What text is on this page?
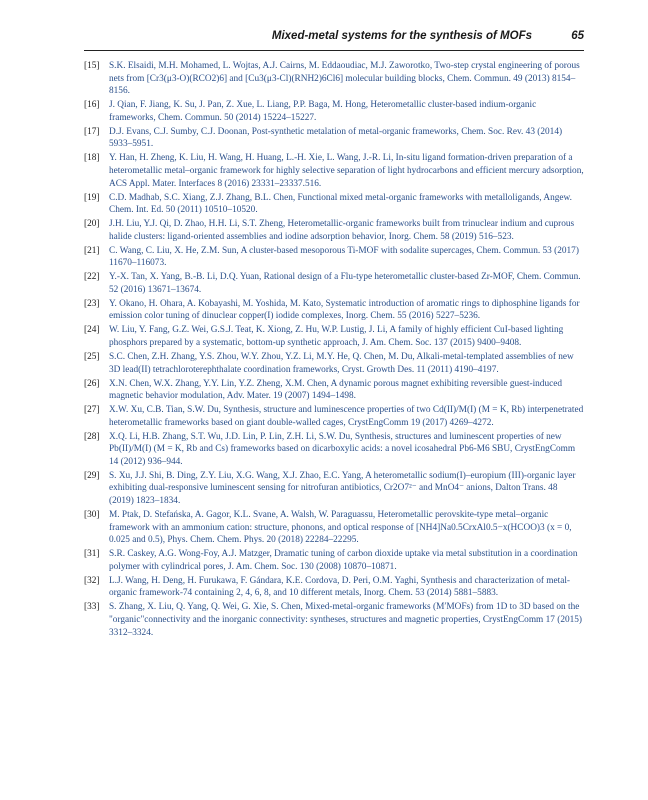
Mixed-metal systems for the synthesis of MOFs	65
[15] S.K. Elsaidi, M.H. Mohamed, L. Wojtas, A.J. Cairns, M. Eddaoudiac, M.J. Zaworotko, Two-step crystal engineering of porous nets from [Cr3(μ3-O)(RCO2)6] and [Cu3(μ3-Cl)(RNH2)6Cl6] molecular building blocks, Chem. Commun. 49 (2013) 8154–8156.
[16] J. Qian, F. Jiang, K. Su, J. Pan, Z. Xue, L. Liang, P.P. Baga, M. Hong, Heterometallic cluster-based indium-organic frameworks, Chem. Commun. 50 (2014) 15224–15227.
[17] D.J. Evans, C.J. Sumby, C.J. Doonan, Post-synthetic metalation of metal-organic frameworks, Chem. Soc. Rev. 43 (2014) 5933–5951.
[18] Y. Han, H. Zheng, K. Liu, H. Wang, H. Huang, L.-H. Xie, L. Wang, J.-R. Li, In-situ ligand formation-driven preparation of a heterometallic metal–organic framework for highly selective separation of light hydrocarbons and efficient mercury adsorption, ACS Appl. Mater. Interfaces 8 (2016) 23331–23337.516.
[19] C.D. Madhab, S.C. Xiang, Z.J. Zhang, B.L. Chen, Functional mixed metal-organic frameworks with metalloligands, Angew. Chem. Int. Ed. 50 (2011) 10510–10520.
[20] J.H. Liu, Y.J. Qi, D. Zhao, H.H. Li, S.T. Zheng, Heterometallic-organic frameworks built from trinuclear indium and cuprous halide clusters: ligand-oriented assemblies and iodine adsorption behavior, Inorg. Chem. 58 (2019) 516–523.
[21] C. Wang, C. Liu, X. He, Z.M. Sun, A cluster-based mesoporous Ti-MOF with sodalite supercages, Chem. Commun. 53 (2017) 11670–116073.
[22] Y.-X. Tan, X. Yang, B.-B. Li, D.Q. Yuan, Rational design of a Flu-type heterometallic cluster-based Zr-MOF, Chem. Commun. 52 (2016) 13671–13674.
[23] Y. Okano, H. Ohara, A. Kobayashi, M. Yoshida, M. Kato, Systematic introduction of aromatic rings to diphosphine ligands for emission color tuning of dinuclear copper(I) iodide complexes, Inorg. Chem. 55 (2016) 5227–5236.
[24] W. Liu, Y. Fang, G.Z. Wei, G.S.J. Teat, K. Xiong, Z. Hu, W.P. Lustig, J. Li, A family of highly efficient CuI-based lighting phosphors prepared by a systematic, bottom-up synthetic approach, J. Am. Chem. Soc. 137 (2015) 9400–9408.
[25] S.C. Chen, Z.H. Zhang, Y.S. Zhou, W.Y. Zhou, Y.Z. Li, M.Y. He, Q. Chen, M. Du, Alkali-metal-templated assemblies of new 3D lead(II) tetrachloroterephthalate coordination frameworks, Cryst. Growth Des. 11 (2011) 4190–4197.
[26] X.N. Chen, W.X. Zhang, Y.Y. Lin, Y.Z. Zheng, X.M. Chen, A dynamic porous magnet exhibiting reversible guest-induced magnetic behavior modulation, Adv. Mater. 19 (2007) 1494–1498.
[27] X.W. Xu, C.B. Tian, S.W. Du, Synthesis, structure and luminescence properties of two Cd(II)/M(I) (M = K, Rb) interpenetrated heterometallic frameworks based on giant double-walled cages, CrystEngComm 19 (2017) 4269–4272.
[28] X.Q. Li, H.B. Zhang, S.T. Wu, J.D. Lin, P. Lin, Z.H. Li, S.W. Du, Synthesis, structures and luminescent properties of new Pb(II)/M(I) (M = K, Rb and Cs) frameworks based on dicarboxylic acids: a novel icosahedral Pb6-M6 SBU, CrystEngComm 14 (2012) 936–944.
[29] S. Xu, J.J. Shi, B. Ding, Z.Y. Liu, X.G. Wang, X.J. Zhao, E.C. Yang, A heterometallic sodium(I)–europium (III)-organic layer exhibiting dual-responsive luminescent sensing for nitrofuran antibiotics, Cr2O7²⁻ and MnO4⁻ anions, Dalton Trans. 48 (2019) 1823–1834.
[30] M. Ptak, D. Stefańska, A. Gagor, K.L. Svane, A. Walsh, W. Paraguassu, Heterometallic perovskite-type metal–organic framework with an ammonium cation: structure, phonons, and optical response of [NH4]Na0.5CrxAl0.5−x(HCOO)3 (x = 0, 0.025 and 0.5), Phys. Chem. Chem. Phys. 20 (2018) 22284–22295.
[31] S.R. Caskey, A.G. Wong-Foy, A.J. Matzger, Dramatic tuning of carbon dioxide uptake via metal substitution in a coordination polymer with cylindrical pores, J. Am. Chem. Soc. 130 (2008) 10870–10871.
[32] L.J. Wang, H. Deng, H. Furukawa, F. Gándara, K.E. Cordova, D. Peri, O.M. Yaghi, Synthesis and characterization of metal-organic framework-74 containing 2, 4, 6, 8, and 10 different metals, Inorg. Chem. 53 (2014) 5881–5883.
[33] S. Zhang, X. Liu, Q. Yang, Q. Wei, G. Xie, S. Chen, Mixed-metal-organic frameworks (M′MOFs) from 1D to 3D based on the "organic"connectivity and the inorganic connectivity: syntheses, structures and magnetic properties, CrystEngComm 17 (2015) 3312–3324.
